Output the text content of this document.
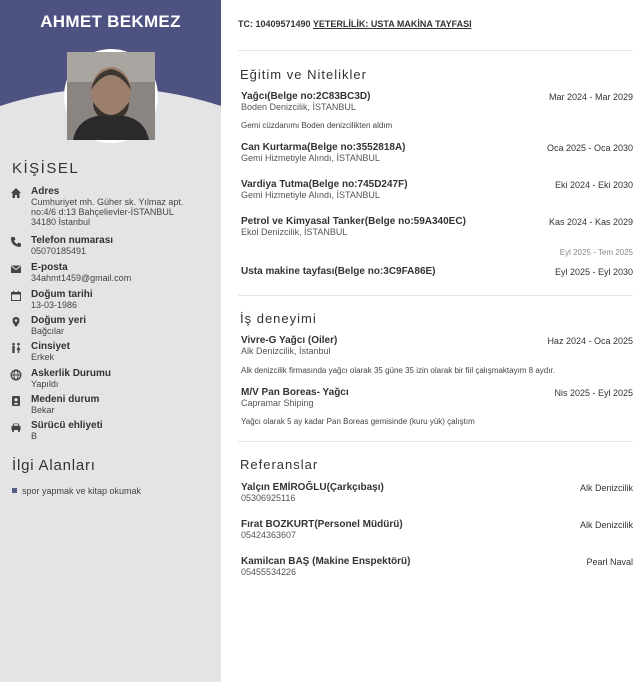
AHMET BEKMEZ
KİŞİSEL
Adres
Cumhuriyet mh. Güher sk. Yılmaz apt.
no:4/6 d:13 Bahçelievler-İSTANBUL
34180 İstanbul
Telefon numarası
05070185491
E-posta
34ahmt1459@gmail.com
Doğum tarihi
13-03-1986
Doğum yeri
Bağcılar
Cinsiyet
Erkek
Askerlik Durumu
Yapıldı
Medeni durum
Bekar
Sürücü ehliyeti
B
İlgi Alanları
spor yapmak ve kitap okumak
TC: 10409571490 YETERLİLİK: USTA MAKİNA TAYFASI
Eğitim ve Nitelikler
Yağcı(Belge no:2C83BC3D)	Mar 2024 - Mar 2029
Boden Denizcilik, İSTANBUL
Gemi cüzdanımı Boden denizcilikten aldım
Can Kurtarma(Belge no:3552818A)	Oca 2025 - Oca 2030
Gemi Hizmetiyle Alındı, İSTANBUL
Vardiya Tutma(Belge no:745D247F)	Eki 2024 - Eki 2030
Gemi Hizmetiyle Alındı, İSTANBUL
Petrol ve Kimyasal Tanker(Belge no:59A340EC)	Kas 2024 - Kas 2029
Ekol Denizcilik, İSTANBUL
Eyl 2025 - Tem 2025
Usta makine tayfası(Belge no:3C9FA86E)	Eyl 2025 - Eyl 2030
İş deneyimi
Vivre-G Yağcı (Oiler)	Haz 2024 - Oca 2025
Alk Denizcilik, İstanbul
Alk denizcilik firmasında yağcı olarak 35 güne 35 izin olarak bir fiil çalışmaktayım 8 aydır.
M/V Pan Boreas- Yağcı	Nis 2025 - Eyl 2025
Capramar Shiping
Yağcı olarak 5 ay kadar Pan Boreas gemisinde (kuru yük) çalıştım
Referanslar
Yalçın EMİROĞLU(Çarkçıbaşı)	Alk Denizcilik
05306925116
Fırat BOZKURT(Personel Müdürü)	Alk Denizcilik
05424363607
Kamilcan BAŞ (Makine Enspektörü)	Pearl Naval
05455534226
